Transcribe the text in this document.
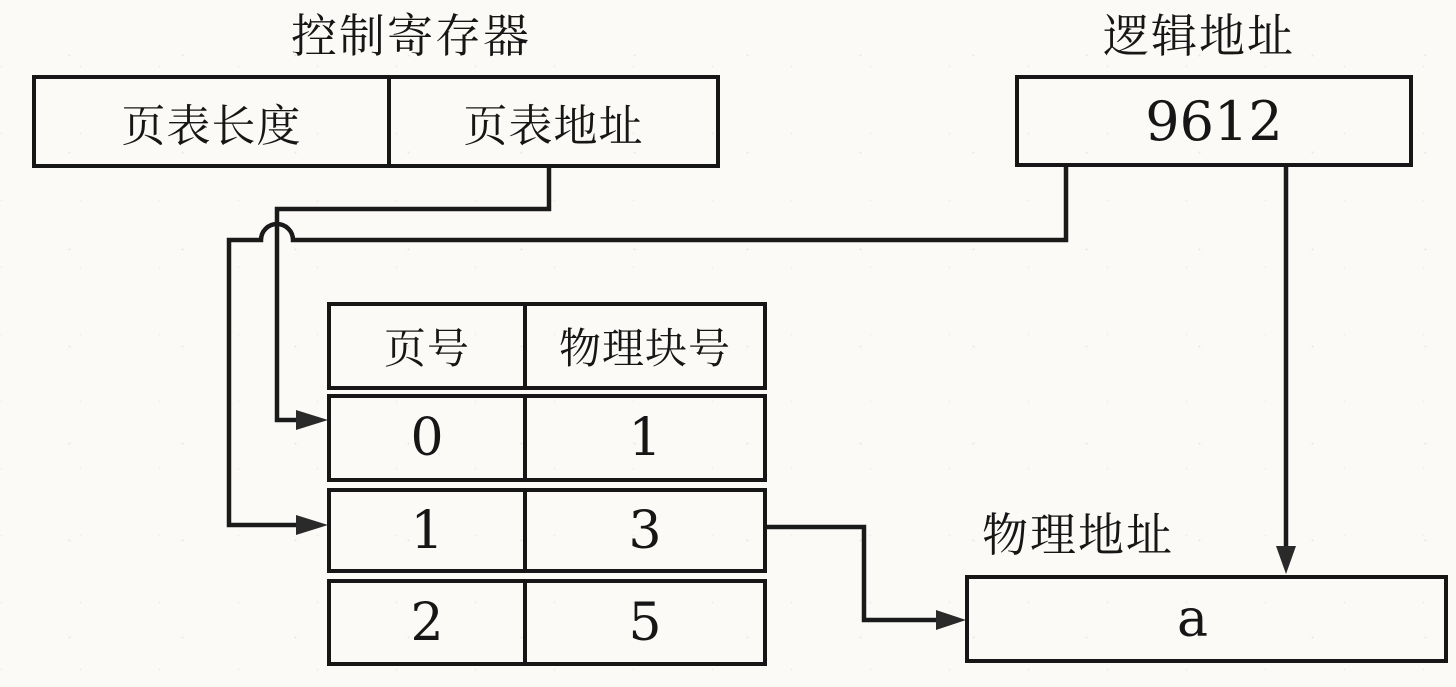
控制寄存器
页表长度	页表地址
逻辑地址
9612
页号	物理块号
0	1
1	3
2	5
物理地址
a
